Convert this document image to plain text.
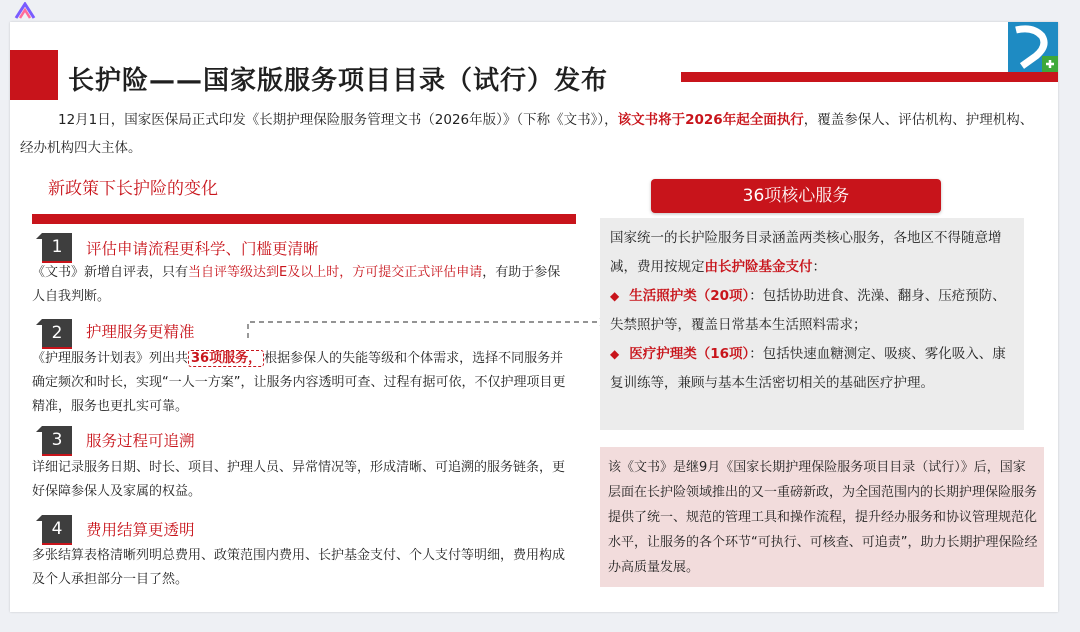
长护险——国家版服务项目目录（试行）发布
12月1日，国家医保局正式印发《长期护理保险服务管理文书（2026年版）》（下称《文书》），该文书将于2026年起全面执行，覆盖参保人、评估机构、护理机构、经办机构四大主体。
新政策下长护险的变化
1	评估申请流程更科学、门槛更清晰
《文书》新增自评表，只有当自评等级达到E及以上时，方可提交正式评估申请，有助于参保人自我判断。
2	护理服务更精准
《护理服务计划表》列出共 36项服务， 根据参保人的失能等级和个体需求，选择不同服务并确定频次和时长，实现“一人一方案”，让服务内容透明可查、过程有据可依，不仅护理项目更精准，服务也更扎实可靠。
3	服务过程可追溯
详细记录服务日期、时长、项目、护理人员、异常情况等，形成清晰、可追溯的服务链条，更好保障参保人及家属的权益。
4	费用结算更透明
多张结算表格清晰列明总费用、政策范围内费用、长护基金支付、个人支付等明细，费用构成及个人承担部分一目了然。
36项核心服务
国家统一的长护险服务目录涵盖两类核心服务，各地区不得随意增减，费用按规定由长护险基金支付：
◆ 生活照护类（20项）：包括协助进食、洗澡、翻身、压疮预防、失禁照护等，覆盖日常基本生活照料需求；
◆ 医疗护理类（16项）：包括快速血糖测定、吸痰、雾化吸入、康复训练等，兼顾与基本生活密切相关的基础医疗护理。
该《文书》是继9月《国家长期护理保险服务项目目录（试行）》后，国家层面在长护险领域推出的又一重磅新政，为全国范围内的长期护理保险服务提供了统一、规范的管理工具和操作流程，提升经办服务和协议管理规范化水平，让服务的各个环节“可执行、可核查、可追责”，助力长期护理保险经办高质量发展。
